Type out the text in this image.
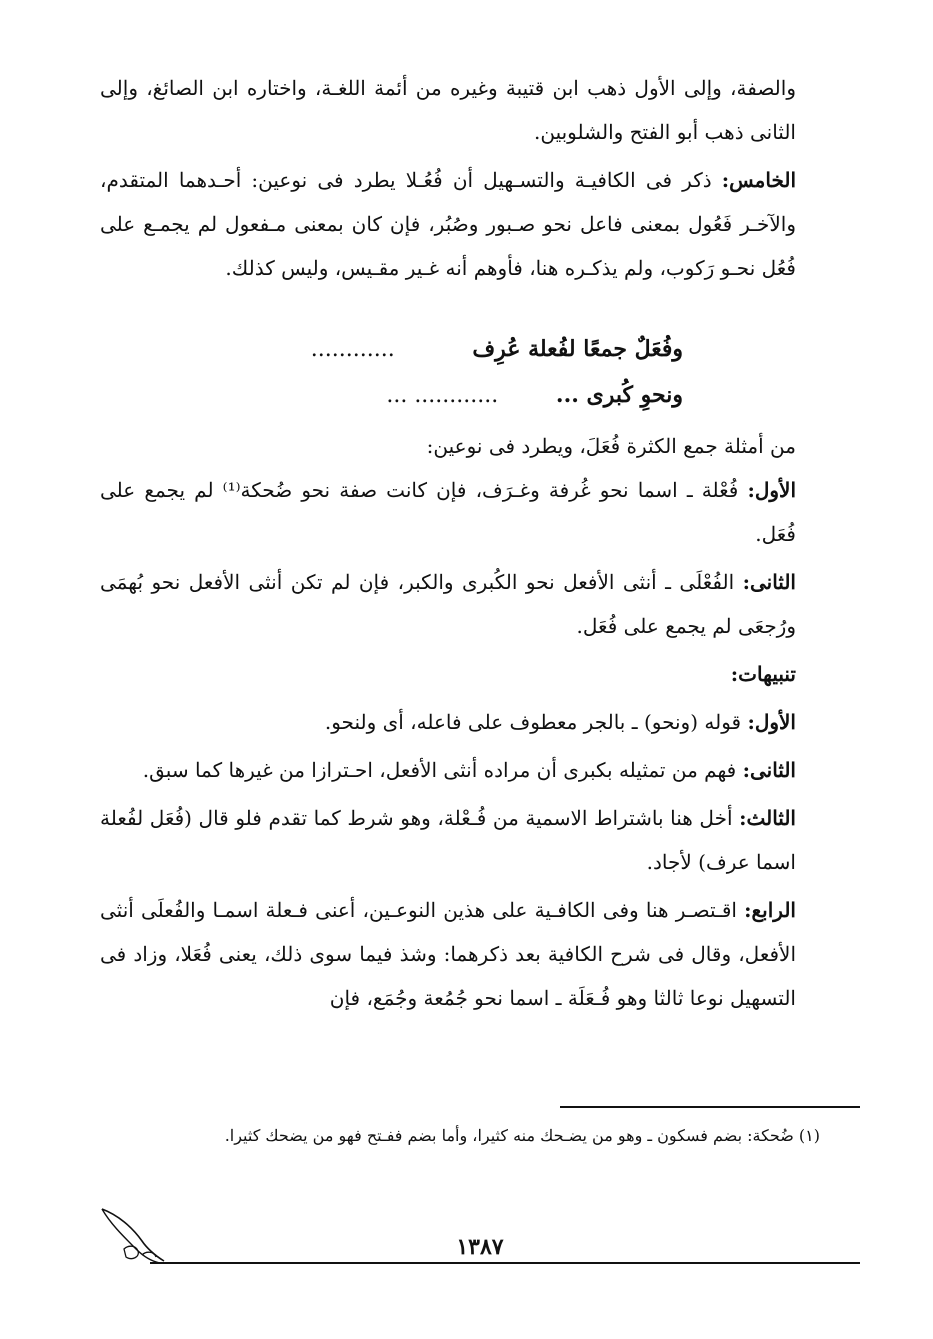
والصفة، وإلى الأول ذهب ابن قتيبة وغيره من أئمة اللغـة، واختاره ابن الصائغ، وإلى الثانى ذهب أبو الفتح والشلوبين.

الخامس: ذكر فى الكافيـة والتسـهيل أن فُعُـلا يطرد فى نوعين: أحـدهما المتقدم، والآخـر فَعُول بمعنى فاعل نحو صـبور وصُبُر، فإن كان بمعنى مـفعول لم يجمـع على فُعُل نحـو رَكوب، ولم يذكـره هنا، فأوهم أنه غـير مقـيس، وليس كذلك.

وفُعَلٌ جمعًا لفُعلة عُرِف ............
ونحوِ كُبرى ... ............ ...

من أمثلة جمع الكثرة فُعَلَ، ويطرد فى نوعين:

الأول: فُعْلة ـ اسما نحو غُرفة وغـرَف، فإن كانت صفة نحو ضُحكة⁽¹⁾ لم يجمع على فُعَل.

الثانى: الفُعْلَى ـ أنثى الأفعل نحو الكُبرى والكبر، فإن لم تكن أنثى الأفعل نحو بُهمَى ورُجعَى لم يجمع على فُعَل.

تنبيهات:

الأول: قوله (ونحو) ـ بالجر معطوف على فاعله، أى ولنحو.

الثانى: فهم من تمثيله بكبرى أن مراده أنثى الأفعل، احـترازا من غيرها كما سبق.

الثالث: أخل هنا باشتراط الاسمية من فُـعْلة، وهو شرط كما تقدم فلو قال (فُعَل لفُعلة اسما عرف) لأجاد.

الرابع: اقـتصـر هنا وفى الكافـية على هذين النوعـين، أعنى فـعلة اسمـا والفُعلَى أنثى الأفعل، وقال فى شرح الكافية بعد ذكرهما: وشذ فيما سوى ذلك، يعنى فُعَلا، وزاد فى التسهيل نوعا ثالثا وهو فُـعَلَة ـ اسما نحو جُمُعة وجُمَع، فإن

(١) ضُحكة: بضم فسكون ـ وهو من يضـحك منه كثيرا، وأما بضم ففـتح فهو من يضحك كثيرا.
١٣٨٧
